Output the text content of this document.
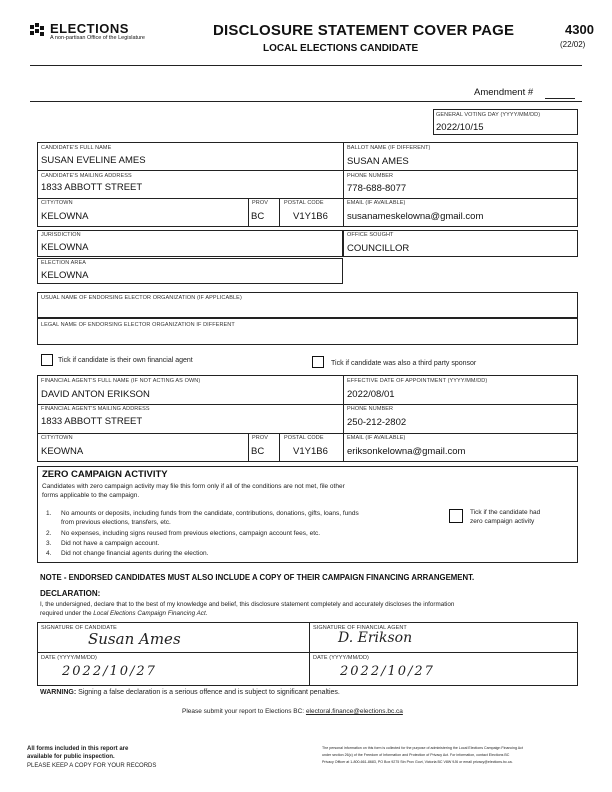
ELECTIONS
A non-partisan Office of the Legislature	DISCLOSURE STATEMENT COVER PAGE
LOCAL ELECTIONS CANDIDATE
4300
(22/02)
Amendment #
GENERAL VOTING DAY (YYYY/MM/DD)
2022/10/15
CANDIDATE'S FULL NAME
SUSAN EVELINE AMES
BALLOT NAME (IF DIFFERENT)
SUSAN AMES
CANDIDATE'S MAILING ADDRESS
1833 ABBOTT STREET
PHONE NUMBER
778-688-8077
CITY/TOWN
KELOWNA
PROV
BC
POSTAL CODE
V1Y1B6
EMAIL (IF AVAILABLE)
susanameskelowna@gmail.com
JURISDICTION
KELOWNA
OFFICE SOUGHT
COUNCILLOR
ELECTION AREA
KELOWNA
USUAL NAME OF ENDORSING ELECTOR ORGANIZATION (IF APPLICABLE)
LEGAL NAME OF ENDORSING ELECTOR ORGANIZATION IF DIFFERENT
Tick if candidate is their own financial agent	Tick if candidate was also a third party sponsor
FINANCIAL AGENT'S FULL NAME (IF NOT ACTING AS OWN)
DAVID ANTON ERIKSON
EFFECTIVE DATE OF APPOINTMENT (YYYY/MM/DD)
2022/08/01
FINANCIAL AGENT'S MAILING ADDRESS
1833 ABBOTT STREET
PHONE NUMBER
250-212-2802
CITY/TOWN
KEOWNA
PROV
BC
POSTAL CODE
V1Y1B6
EMAIL (IF AVAILABLE)
eriksonkelowna@gmail.com
ZERO CAMPAIGN ACTIVITY
Candidates with zero campaign activity may file this form only if all of the conditions are not met, file other
forms applicable to the campaign.
1. No amounts or deposits, including funds from the candidate, contributions, donations, gifts, loans, funds
from previous elections, transfers, etc.
2. No expenses, including signs reused from previous elections, campaign account fees, etc.
3. Did not have a campaign account.
4. Did not change financial agents during the election.
Tick if the candidate had
zero campaign activity
NOTE - ENDORSED CANDIDATES MUST ALSO INCLUDE A COPY OF THEIR CAMPAIGN FINANCING ARRANGEMENT.
DECLARATION:
I, the undersigned, declare that to the best of my knowledge and belief, this disclosure statement completely and accurately discloses the information
required under the Local Elections Campaign Financing Act.
SIGNATURE OF CANDIDATE
Susan Ames
SIGNATURE OF FINANCIAL AGENT
D. Erikson
DATE (YYYY/MM/DD)
2022/10/27
DATE (YYYY/MM/DD)
2022/10/27
WARNING: Signing a false declaration is a serious offence and is subject to significant penalties.
Please submit your report to Elections BC: electoral.finance@elections.bc.ca
All forms included in this report are
available for public inspection.
PLEASE KEEP A COPY FOR YOUR RECORDS
The personal information on this form is collected for the purpose of administering the Local Elections Campaign Financing Act
under section 26(c) of the Freedom of Information and Protection of Privacy Act. For information, contact Elections BC
Privacy Officer at 1-800-661-8683, PO Box 9275 Stn Prov Govt, Victoria BC V8W 9J6 or email privacy@elections.bc.ca.
